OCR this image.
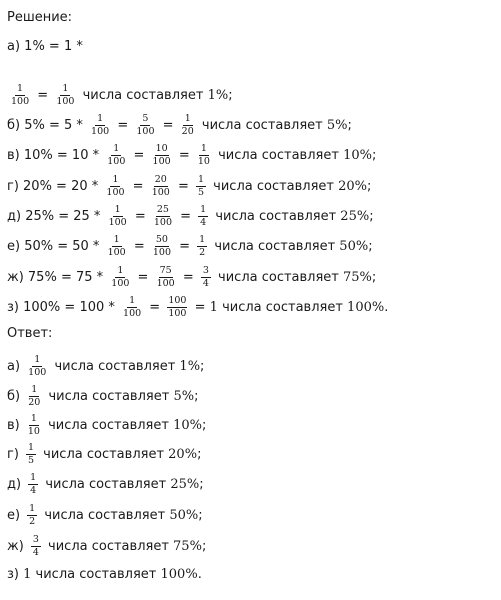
Решение:
а) 1% = 1 *
$\frac{1}{100} = \frac{1}{100}$ числа составляет 1% ;
б) $5\% = 5 * \frac{1}{100} = \frac{5}{100} = \frac{1}{20}$ числа составляет 5% ;
в) $10\% = 10 * \frac{1}{100} = \frac{10}{100} = \frac{1}{10}$ числа составляет 10% ;
г) $20\% = 20 * \frac{1}{100} = \frac{20}{100} = \frac{1}{5}$ числа составляет 20% ;
д) $25\% = 25 * \frac{1}{100} = \frac{25}{100} = \frac{1}{4}$ числа составляет 25% ;
е) $50\% = 50 * \frac{1}{100} = \frac{50}{100} = \frac{1}{2}$ числа составляет 50% ;
ж) $75\% = 75 * \frac{1}{100} = \frac{75}{100} = \frac{3}{4}$ числа составляет 75% ;
з) $100\% = 100 * \frac{1}{100} = \frac{100}{100} = 1$ числа составляет 100% .
Ответ:
$а) \frac{1}{100}$ числа составляет 1% ;
$б) \frac{1}{20}$ числа составляет 5% ;
$в) \frac{1}{10}$ числа составляет 10% ;
$г) \frac{1}{5}$ числа составляет 20% ;
$д) \frac{1}{4}$ числа составляет 25% ;
$е) \frac{1}{2}$ числа составляет 50% ;
$ж) \frac{3}{4}$ числа составляет 75% ;
з) 1 числа составляет 100%.
